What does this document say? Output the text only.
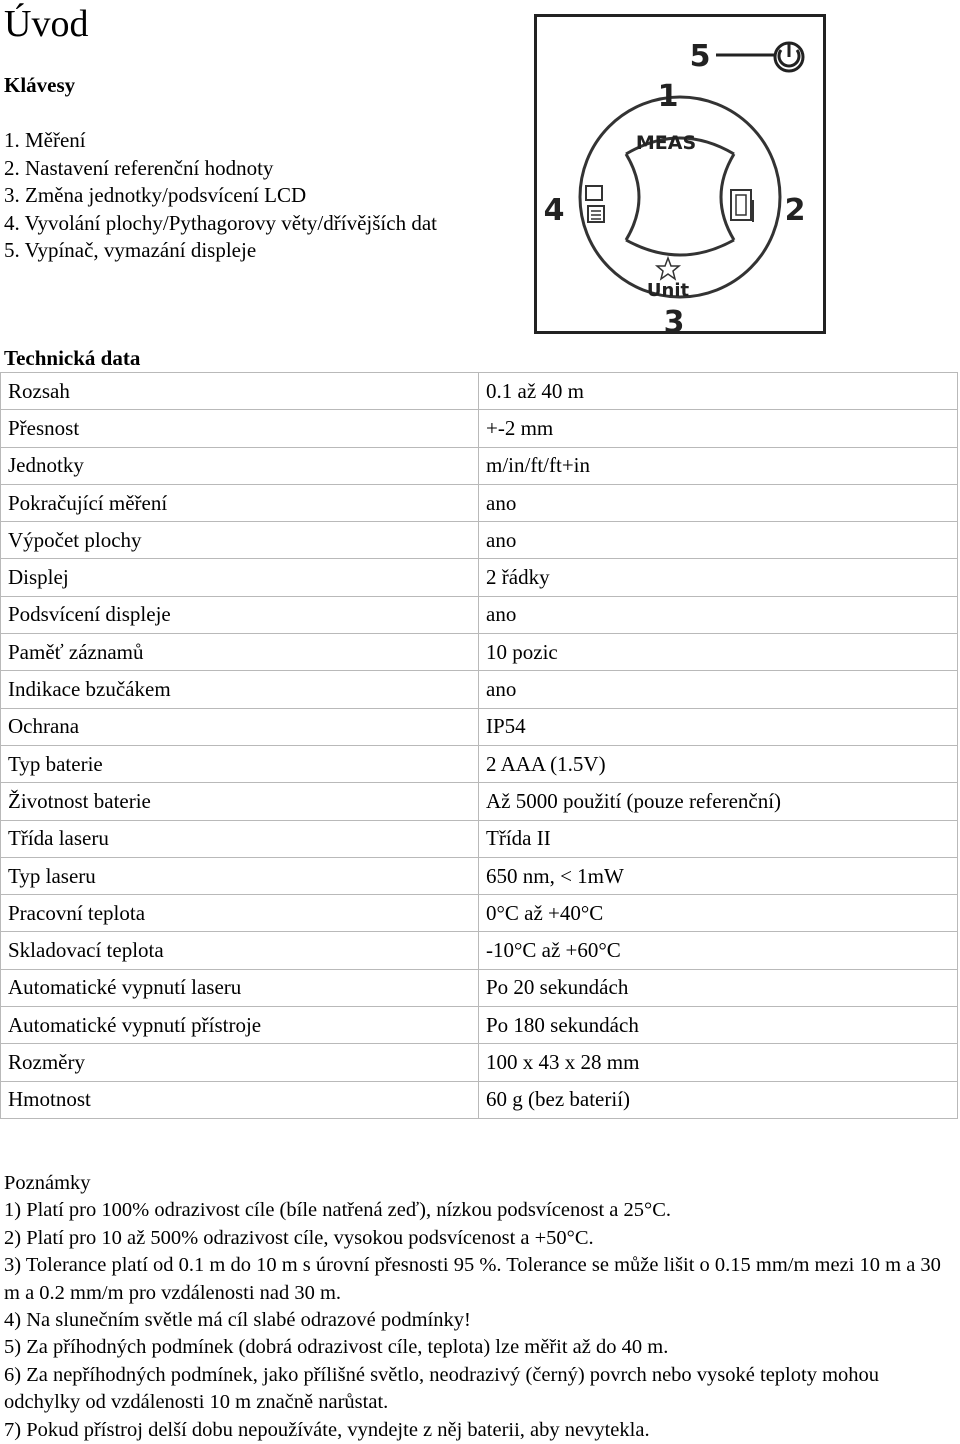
Úvod
Klávesy
1. Měření
2. Nastavení referenční hodnoty
3. Změna jednotky/podsvícení LCD
4. Vyvolání plochy/Pythagorovy věty/dřívějších dat
5. Vypínač, vymazání displeje
MEAS
Unit
1
2
3
4
5
Technická data
Rozsah	0.1 až 40 m
Přesnost	+-2 mm
Jednotky	m/in/ft/ft+in
Pokračující měření	ano
Výpočet plochy	ano
Displej	2 řádky
Podsvícení displeje	ano
Paměť záznamů	10 pozic
Indikace bzučákem	ano
Ochrana	IP54
Typ baterie	2 AAA (1.5V)
Životnost baterie	Až 5000 použití (pouze referenční)
Třída laseru	Třída II
Typ laseru	650 nm, < 1mW
Pracovní teplota	0°C až +40°C
Skladovací teplota	-10°C až +60°C
Automatické vypnutí laseru	Po 20 sekundách
Automatické vypnutí přístroje	Po 180 sekundách
Rozměry	100 x 43 x 28 mm
Hmotnost	60 g (bez baterií)

Poznámky

1) Platí pro 100% odrazivost cíle (bíle natřená zeď), nízkou podsvícenost a 25°C.

2) Platí pro 10 až 500% odrazivost cíle, vysokou podsvícenost a +50°C.

3) Tolerance platí od 0.1 m do 10 m s úrovní přesnosti 95 %. Tolerance se může lišit o 0.15 mm/m mezi 10 m a 30 m a 0.2 mm/m pro vzdálenosti nad 30 m.

4) Na slunečním světle má cíl slabé odrazové podmínky!

5) Za příhodných podmínek (dobrá odrazivost cíle, teplota) lze měřit až do 40 m.

6) Za nepříhodných podmínek, jako přílišné světlo, neodrazivý (černý) povrch nebo vysoké teploty mohou odchylky od vzdálenosti 10 m značně narůstat.

7) Pokud přístroj delší dobu nepoužíváte, vyndejte z něj baterii, aby nevytekla.
